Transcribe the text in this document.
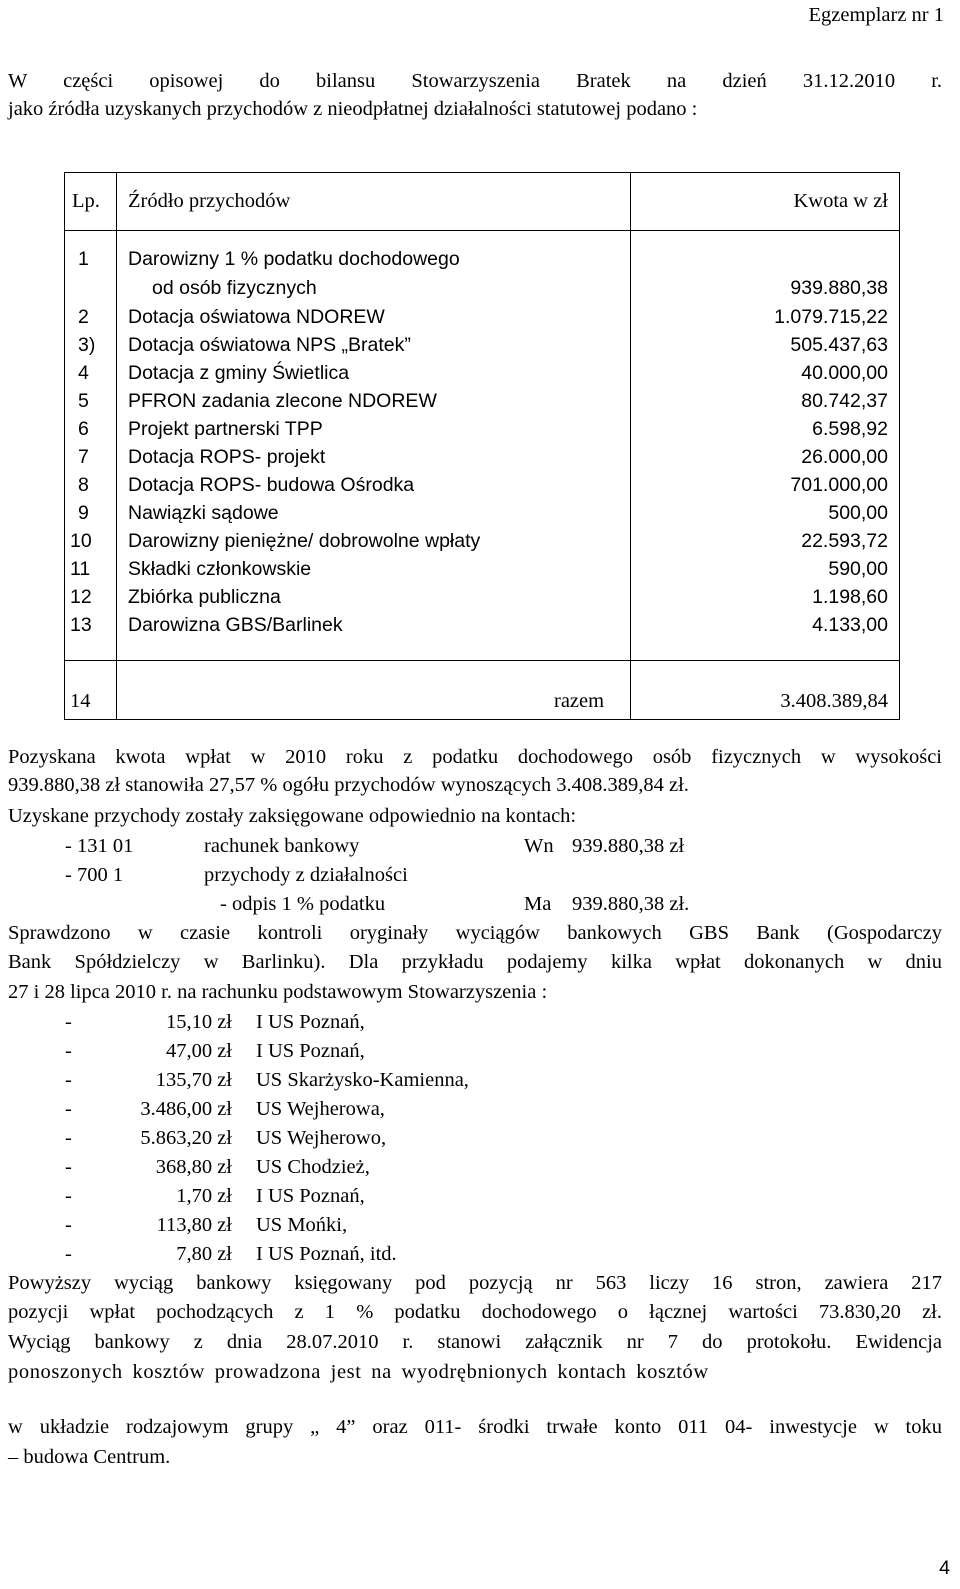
Egzemplarz nr 1
W części opisowej do bilansu Stowarzyszenia Bratek na dzień 31.12.2010 r.
jako źródła uzyskanych przychodów z nieodpłatnej działalności statutowej podano :
Lp. Źródło przychodów	Kwota w zł
1 Darowizny 1 % podatku dochodowego
od osób fizycznych	939.880,38
2 Dotacja oświatowa NDOREW	1.079.715,22
3) Dotacja oświatowa NPS „Bratek”	505.437,63
4 Dotacja z gminy Świetlica	40.000,00
5 PFRON zadania zlecone NDOREW	80.742,37
6 Projekt partnerski TPP	6.598,92
7 Dotacja ROPS- projekt	26.000,00
8 Dotacja ROPS- budowa Ośrodka	701.000,00
9 Nawiązki sądowe	500,00
10 Darowizny pieniężne/ dobrowolne wpłaty	22.593,72
11 Składki członkowskie	590,00
12 Zbiórka publiczna	1.198,60
13 Darowizna GBS/Barlinek	4.133,00
14	razem	3.408.389,84
Pozyskana kwota wpłat w 2010 roku z podatku dochodowego osób fizycznych w wysokości
939.880,38 zł stanowiła 27,57 % ogółu przychodów wynoszących 3.408.389,84 zł.
Uzyskane przychody zostały zaksięgowane odpowiednio na kontach:
- 131 01	rachunek bankowy	Wn 939.880,38 zł
- 700 1	przychody z działalności
- odpis 1 % podatku	Ma 939.880,38 zł.
Sprawdzono w czasie kontroli oryginały wyciągów bankowych GBS Bank (Gospodarczy
Bank Spółdzielczy w Barlinku). Dla przykładu podajemy kilka wpłat dokonanych w dniu
27 i 28 lipca 2010 r. na rachunku podstawowym Stowarzyszenia :
-	15,10 zł I US Poznań,
-	47,00 zł I US Poznań,
-	135,70 zł US Skarżysko-Kamienna,
-	3.486,00 zł US Wejherowa,
-	5.863,20 zł US Wejherowo,
-	368,80 zł US Chodzież,
-	1,70 zł I US Poznań,
-	113,80 zł US Mońki,
-	7,80 zł I US Poznań, itd.
Powyższy wyciąg bankowy księgowany pod pozycją nr 563 liczy 16 stron, zawiera 217
pozycji wpłat pochodzących z 1 % podatku dochodowego o łącznej wartości 73.830,20 zł.
Wyciąg bankowy z dnia 28.07.2010 r. stanowi załącznik nr 7 do protokołu. Ewidencja
ponoszonych kosztów prowadzona jest na wyodrębnionych kontach kosztów
w układzie rodzajowym grupy „ 4” oraz 011- środki trwałe konto 011 04- inwestycje w toku
– budowa Centrum.
4
